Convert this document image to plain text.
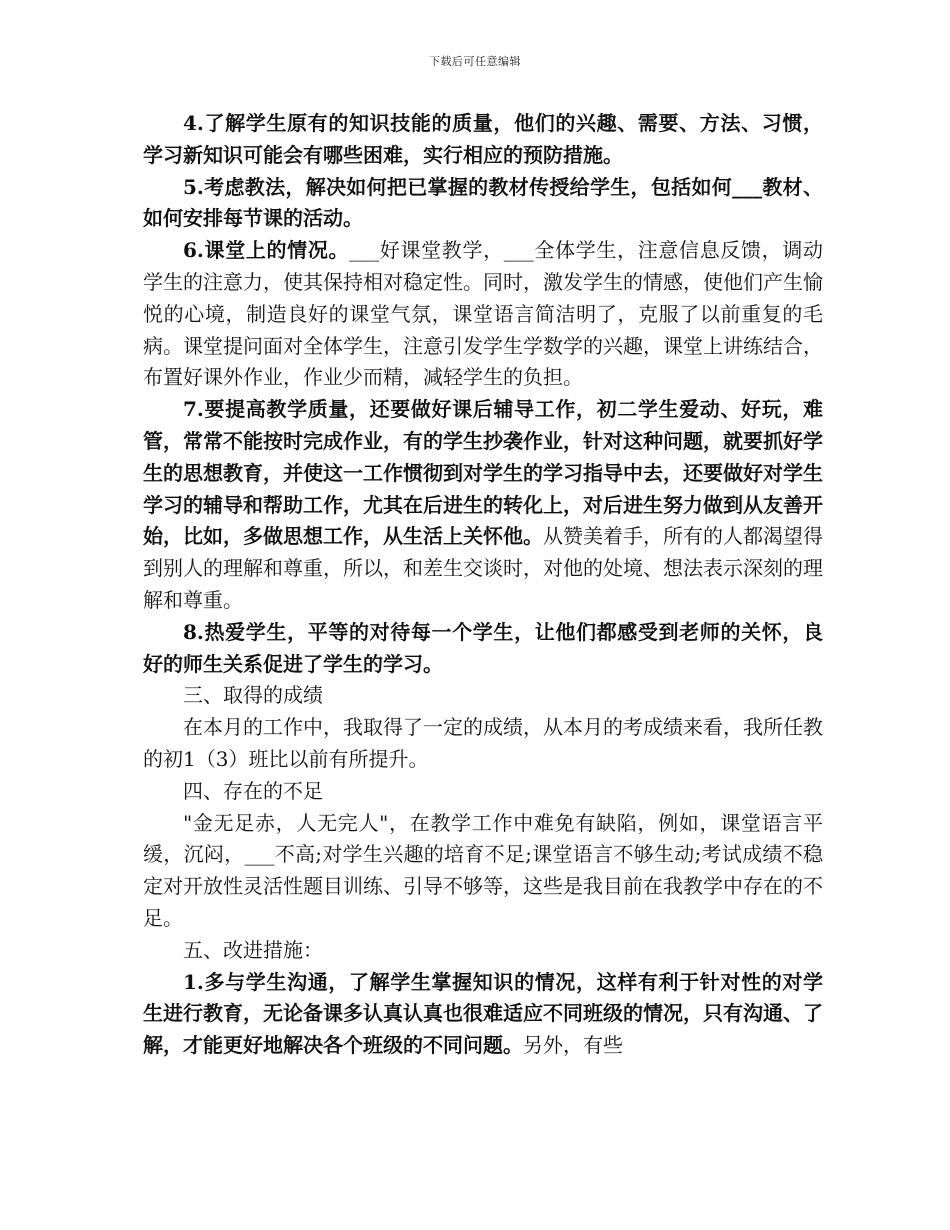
下载后可任意编辑

4.了解学生原有的知识技能的质量，他们的兴趣、需要、方法、习惯，学习新知识可能会有哪些困难，实行相应的预防措施。

5.考虑教法，解决如何把已掌握的教材传授给学生，包括如何___教材、如何安排每节课的活动。

6.课堂上的情况。___好课堂教学，___全体学生，注意信息反馈，调动学生的注意力，使其保持相对稳定性。同时，激发学生的情感，使他们产生愉悦的心境，制造良好的课堂气氛，课堂语言简洁明了，克服了以前重复的毛病。课堂提问面对全体学生，注意引发学生学数学的兴趣，课堂上讲练结合，布置好课外作业，作业少而精，减轻学生的负担。

7.要提高教学质量，还要做好课后辅导工作，初二学生爱动、好玩，难管，常常不能按时完成作业，有的学生抄袭作业，针对这种问题，就要抓好学生的思想教育，并使这一工作惯彻到对学生的学习指导中去，还要做好对学生学习的辅导和帮助工作，尤其在后进生的转化上，对后进生努力做到从友善开始，比如，多做思想工作，从生活上关怀他。从赞美着手，所有的人都渴望得到别人的理解和尊重，所以，和差生交谈时，对他的处境、想法表示深刻的理解和尊重。

8.热爱学生，平等的对待每一个学生，让他们都感受到老师的关怀，良好的师生关系促进了学生的学习。

三、取得的成绩

在本月的工作中，我取得了一定的成绩，从本月的考成绩来看，我所任教的初1（3）班比以前有所提升。

四、存在的不足

"金无足赤，人无完人"，在教学工作中难免有缺陷，例如，课堂语言平缓，沉闷，___不高;对学生兴趣的培育不足;课堂语言不够生动;考试成绩不稳定对开放性灵活性题目训练、引导不够等，这些是我目前在我教学中存在的不足。

五、改进措施：

1.多与学生沟通，了解学生掌握知识的情况，这样有利于针对性的对学生进行教育，无论备课多认真认真也很难适应不同班级的情况，只有沟通、了解，才能更好地解决各个班级的不同问题。另外，有些
